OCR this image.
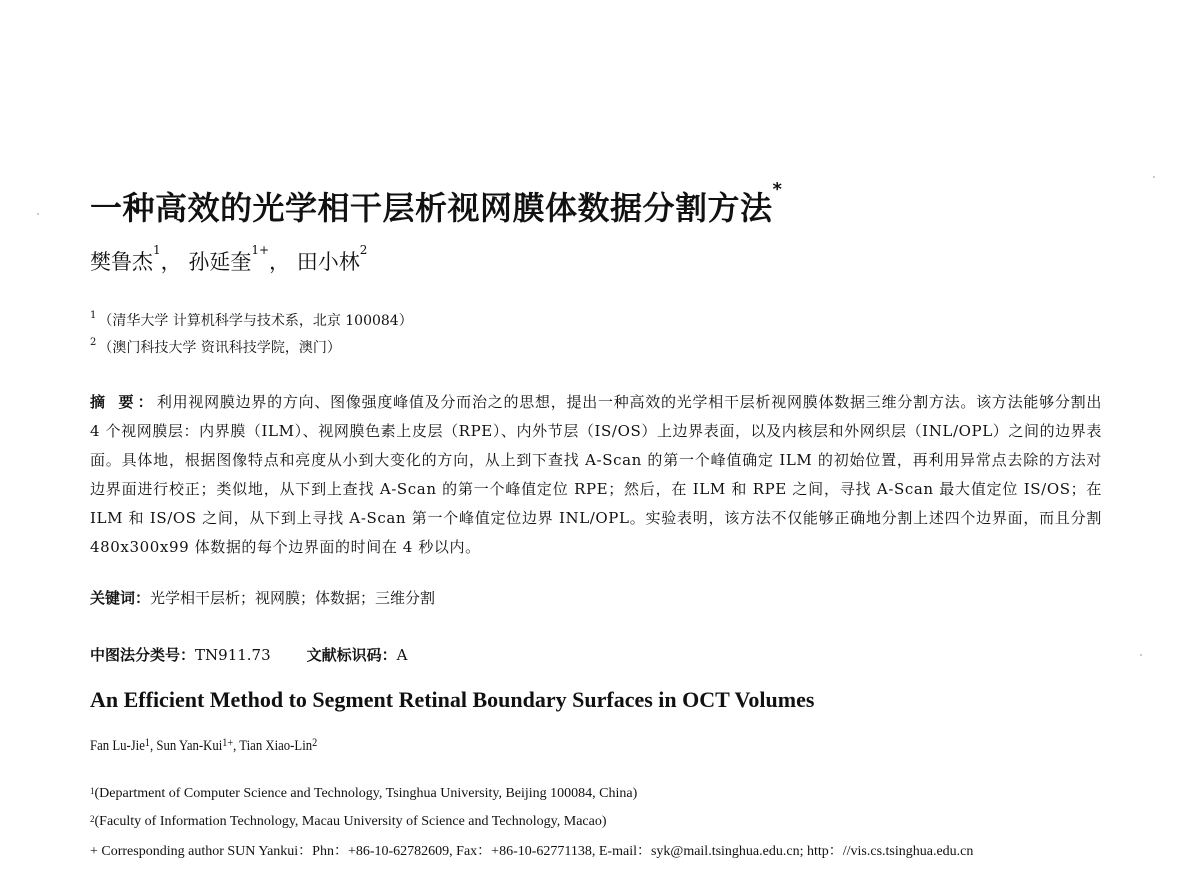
一种高效的光学相干层析视网膜体数据分割方法*
樊鲁杰$^1$， 孙延奎$^{1+}$， 田小林$^2$
$^1$ （清华大学 计算机科学与技术系，北京 100084）
$^2$ （澳门科技大学 资讯科技学院，澳门）
摘 要：利用视网膜边界的方向、图像强度峰值及分而治之的思想，提出一种高效的光学相干层析视网膜体数据三维分割方法。该方法能够分割出 4 个视网膜层：内界膜（ILM）、视网膜色素上皮层（RPE）、内外节层（IS/OS）上边界表面，以及内核层和外网织层（INL/OPL）之间的边界表面。具体地，根据图像特点和亮度从小到大变化的方向，从上到下查找 A-Scan 的第一个峰值确定 ILM 的初始位置，再利用异常点去除的方法对边界面进行校正；类似地，从下到上查找 A-Scan 的第一个峰值定位 RPE；然后，在 ILM 和 RPE 之间，寻找 A-Scan 最大值定位 IS/OS；在 ILM 和 IS/OS 之间，从下到上寻找 A-Scan 第一个峰值定位边界 INL/OPL。实验表明，该方法不仅能够正确地分割上述四个边界面，而且分割 480x300x99 体数据的每个边界面的时间在 4 秒以内。
关键词：光学相干层析；视网膜；体数据；三维分割
中图法分类号：TN911.73 文献标识码：A
An Efficient Method to Segment Retinal Boundary Surfaces in OCT Volumes
Fan Lu-Jie$^1$, Sun Yan-Kui$^{1+}$, Tian Xiao-Lin$^2$
$^1$(Department of Computer Science and Technology, Tsinghua University, Beijing 100084, China)
$^2$(Faculty of Information Technology, Macau University of Science and Technology, Macao)
+ Corresponding author SUN Yankui：Phn：+86-10-62782609, Fax：+86-10-62771138, E-mail：syk@mail.tsinghua.edu.cn; http：//vis.cs.tsinghua.edu.cn
